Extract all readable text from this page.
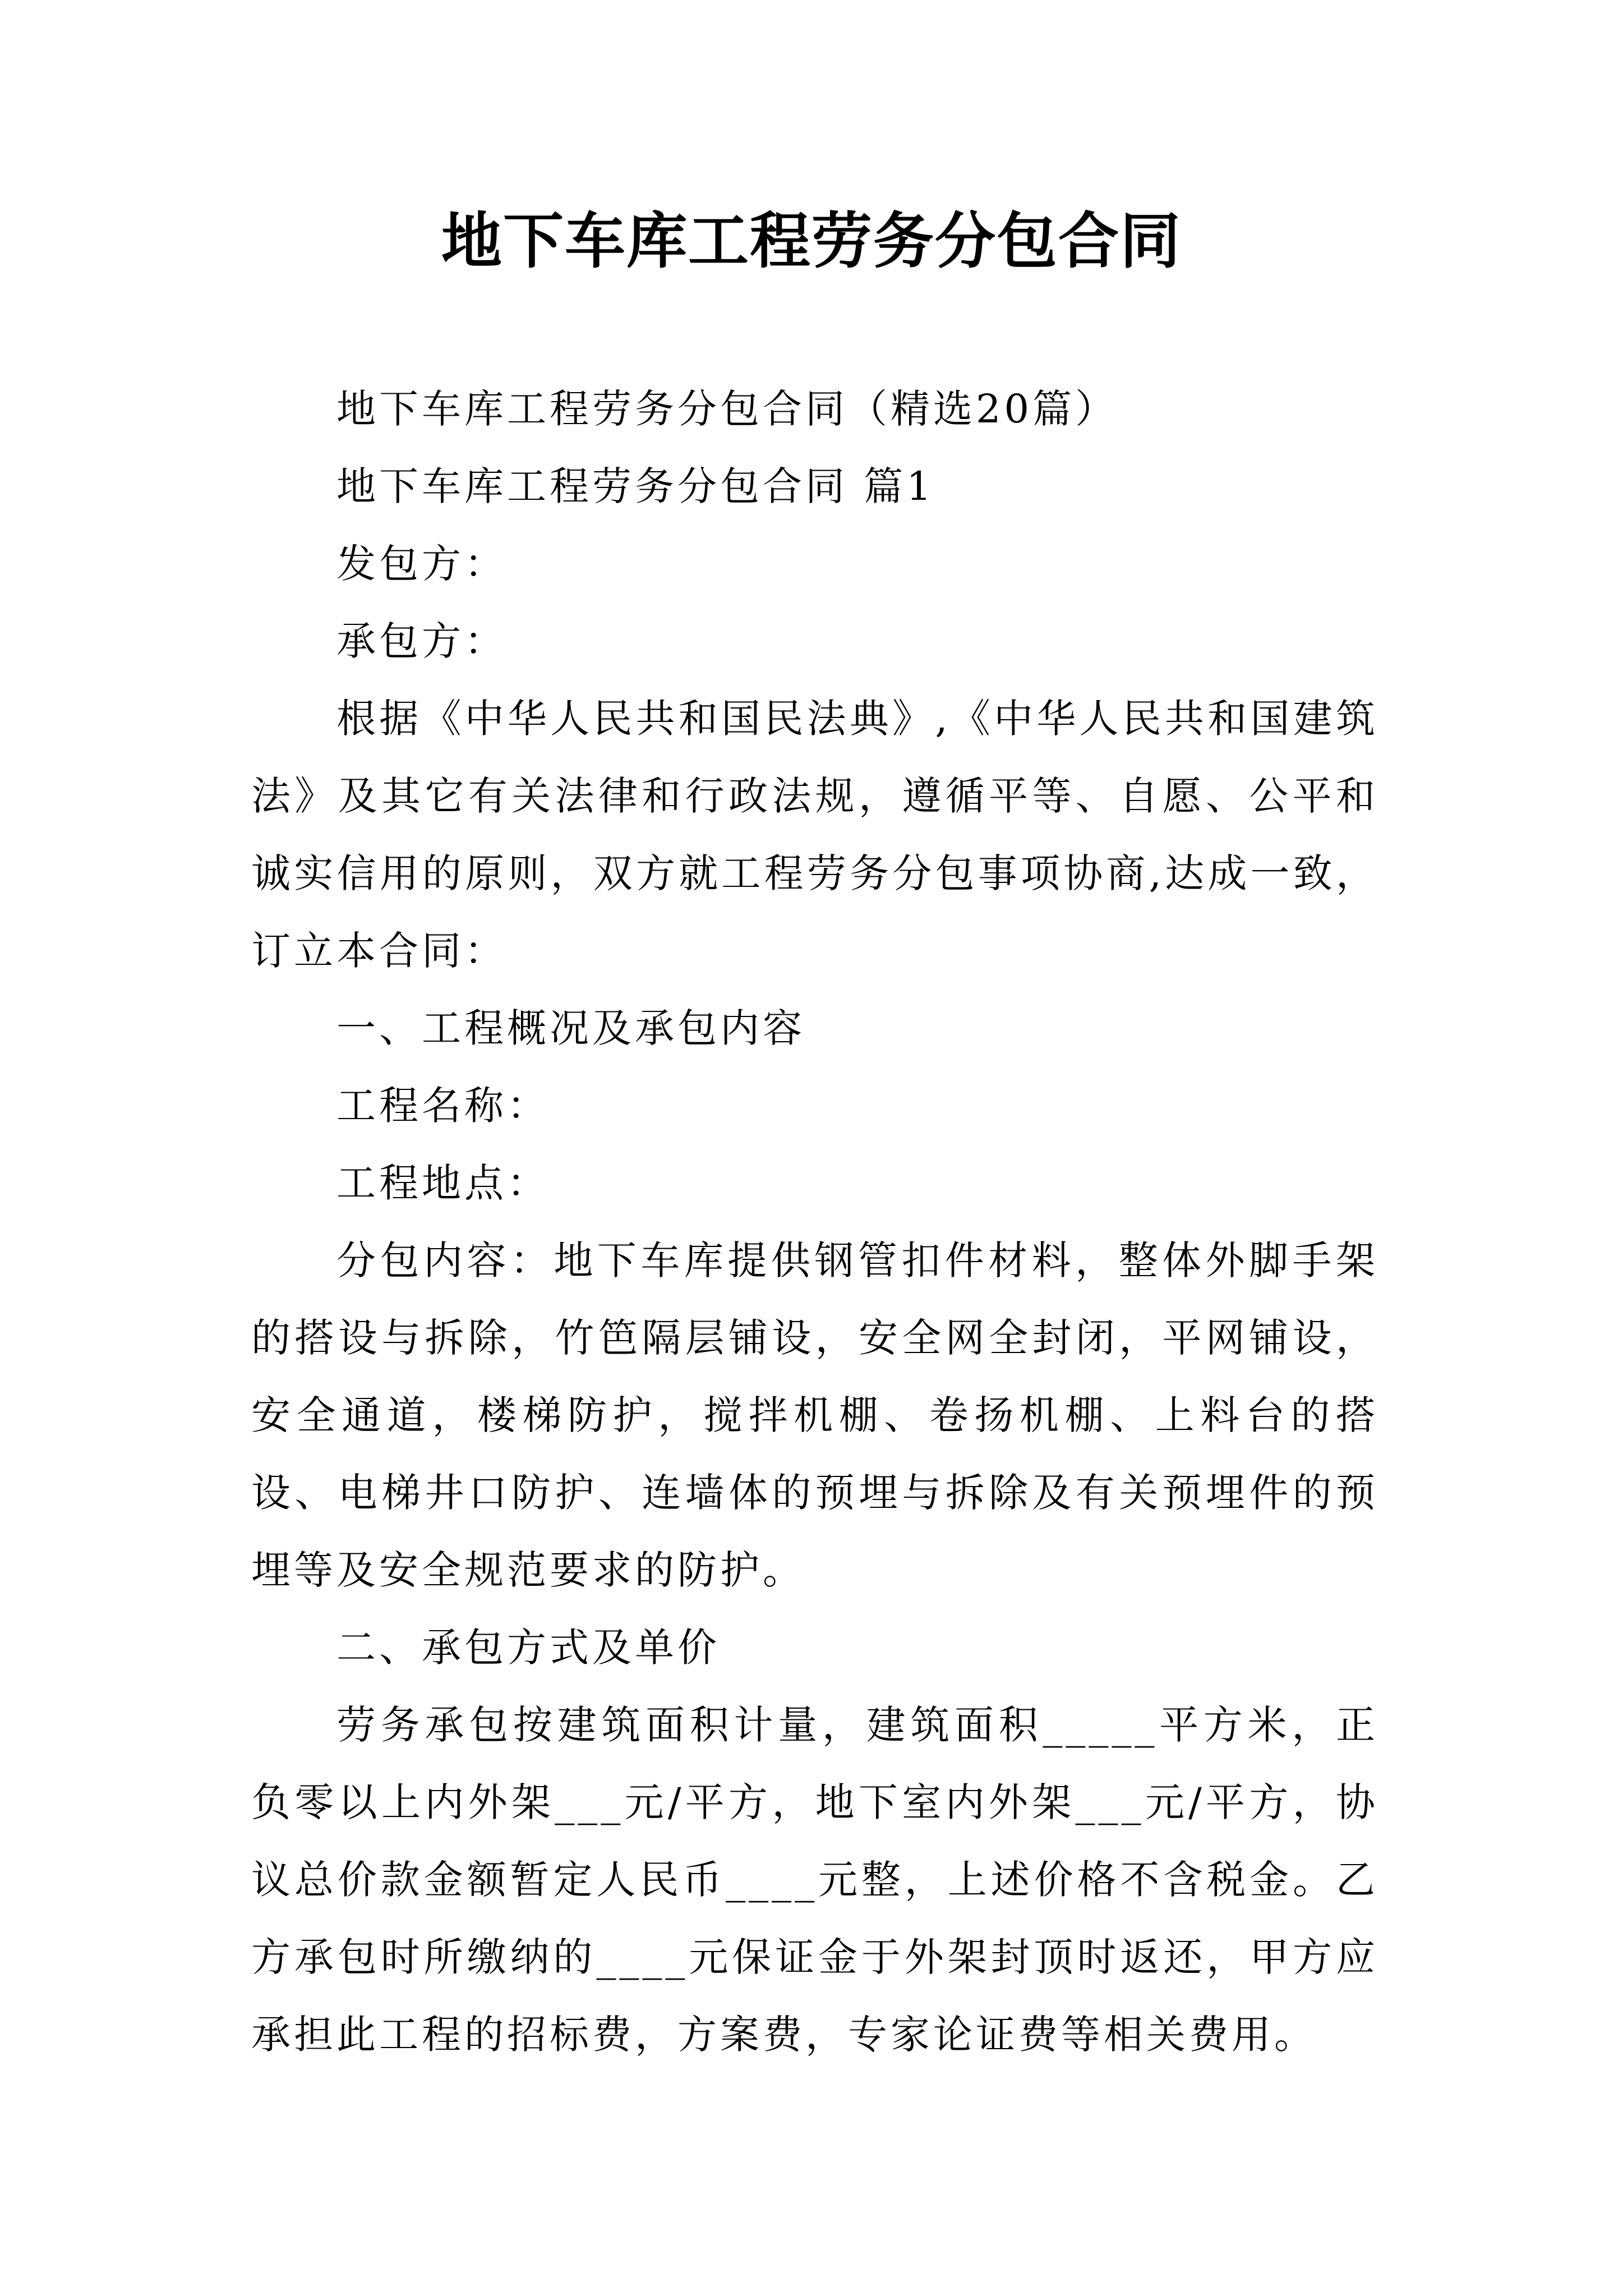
地下车库工程劳务分包合同

地下车库工程劳务分包合同（精选20篇）

地下车库工程劳务分包合同 篇1

发包方：

承包方：

根据《中华人民共和国民法典》,《中华人民共和国建筑法》及其它有关法律和行政法规，遵循平等、自愿、公平和诚实信用的原则，双方就工程劳务分包事项协商,达成一致，订立本合同：

一、工程概况及承包内容

工程名称：

工程地点：

分包内容：地下车库提供钢管扣件材料，整体外脚手架的搭设与拆除，竹笆隔层铺设，安全网全封闭，平网铺设，安全通道，楼梯防护，搅拌机棚、卷扬机棚、上料台的搭设、电梯井口防护、连墙体的预埋与拆除及有关预埋件的预埋等及安全规范要求的防护。

二、承包方式及单价

劳务承包按建筑面积计量，建筑面积_____平方米，正负零以上内外架___元/平方，地下室内外架___元/平方，协议总价款金额暂定人民币____元整，上述价格不含税金。乙方承包时所缴纳的____元保证金于外架封顶时返还，甲方应承担此工程的招标费，方案费，专家论证费等相关费用。
